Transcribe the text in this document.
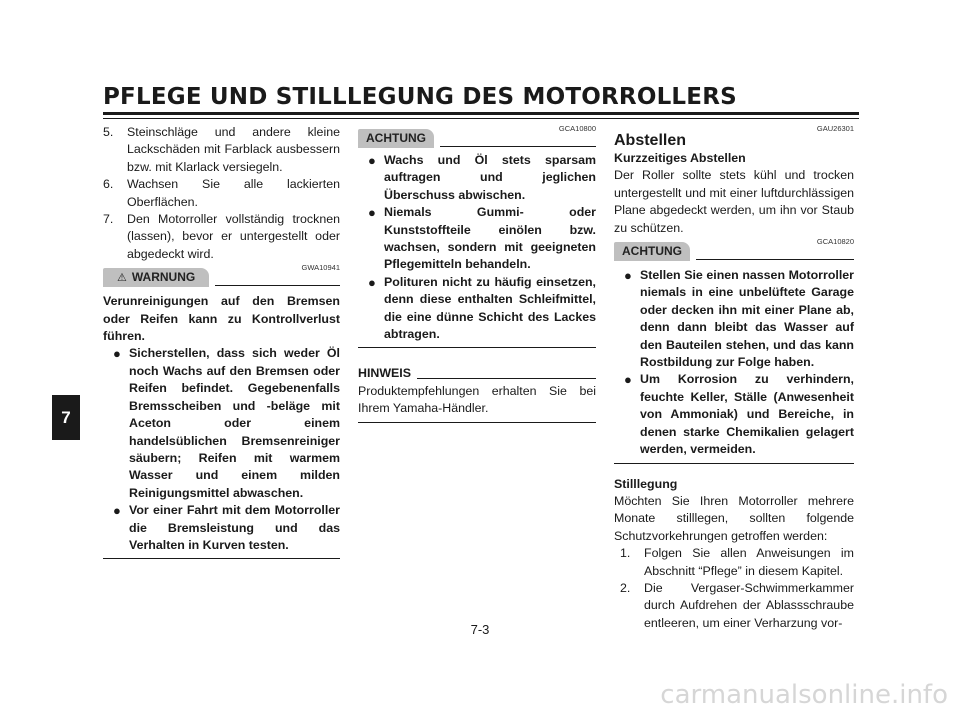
PFLEGE UND STILLLEGUNG DES MOTORROLLERS
5.	Steinschläge und andere kleine Lackschäden mit Farblack ausbessern bzw. mit Klarlack versiegeln.
6.	Wachsen Sie alle lackierten Oberflächen.
7.	Den Motorroller vollständig trocknen (lassen), bevor er untergestellt oder abgedeckt wird.
GWA10941
⚠ WARNUNG
Verunreinigungen auf den Bremsen oder Reifen kann zu Kontrollverlust führen.
● Sicherstellen, dass sich weder Öl noch Wachs auf den Bremsen oder Reifen befindet. Gegebenenfalls Bremsscheiben und -beläge mit Aceton oder einem handelsüblichen Bremsenreiniger säubern; Reifen mit warmem Wasser und einem milden Reinigungsmittel abwaschen.
● Vor einer Fahrt mit dem Motorroller die Bremsleistung und das Verhalten in Kurven testen.
GCA10800
ACHTUNG
● Wachs und Öl stets sparsam auftragen und jeglichen Überschuss abwischen.
● Niemals Gummi- oder Kunststoffteile einölen bzw. wachsen, sondern mit geeigneten Pflegemitteln behandeln.
● Polituren nicht zu häufig einsetzen, denn diese enthalten Schleifmittel, die eine dünne Schicht des Lackes abtragen.
HINWEIS
Produktempfehlungen erhalten Sie bei Ihrem Yamaha-Händler.
GAU26301
Abstellen
Kurzzeitiges Abstellen
Der Roller sollte stets kühl und trocken untergestellt und mit einer luftdurchlässigen Plane abgedeckt werden, um ihn vor Staub zu schützen.
GCA10820
ACHTUNG
● Stellen Sie einen nassen Motorroller niemals in eine unbelüftete Garage oder decken ihn mit einer Plane ab, denn dann bleibt das Wasser auf den Bauteilen stehen, und das kann Rostbildung zur Folge haben.
● Um Korrosion zu verhindern, feuchte Keller, Ställe (Anwesenheit von Ammoniak) und Bereiche, in denen starke Chemikalien gelagert werden, vermeiden.
Stilllegung
Möchten Sie Ihren Motorroller mehrere Monate stilllegen, sollten folgende Schutzvorkehrungen getroffen werden:
1.	Folgen Sie allen Anweisungen im Abschnitt “Pflege” in diesem Kapitel.
2.	Die Vergaser-Schwimmerkammer durch Aufdrehen der Ablassschraube entleeren, um einer Verharzung vor-
7
7-3
carmanualsonline.info
